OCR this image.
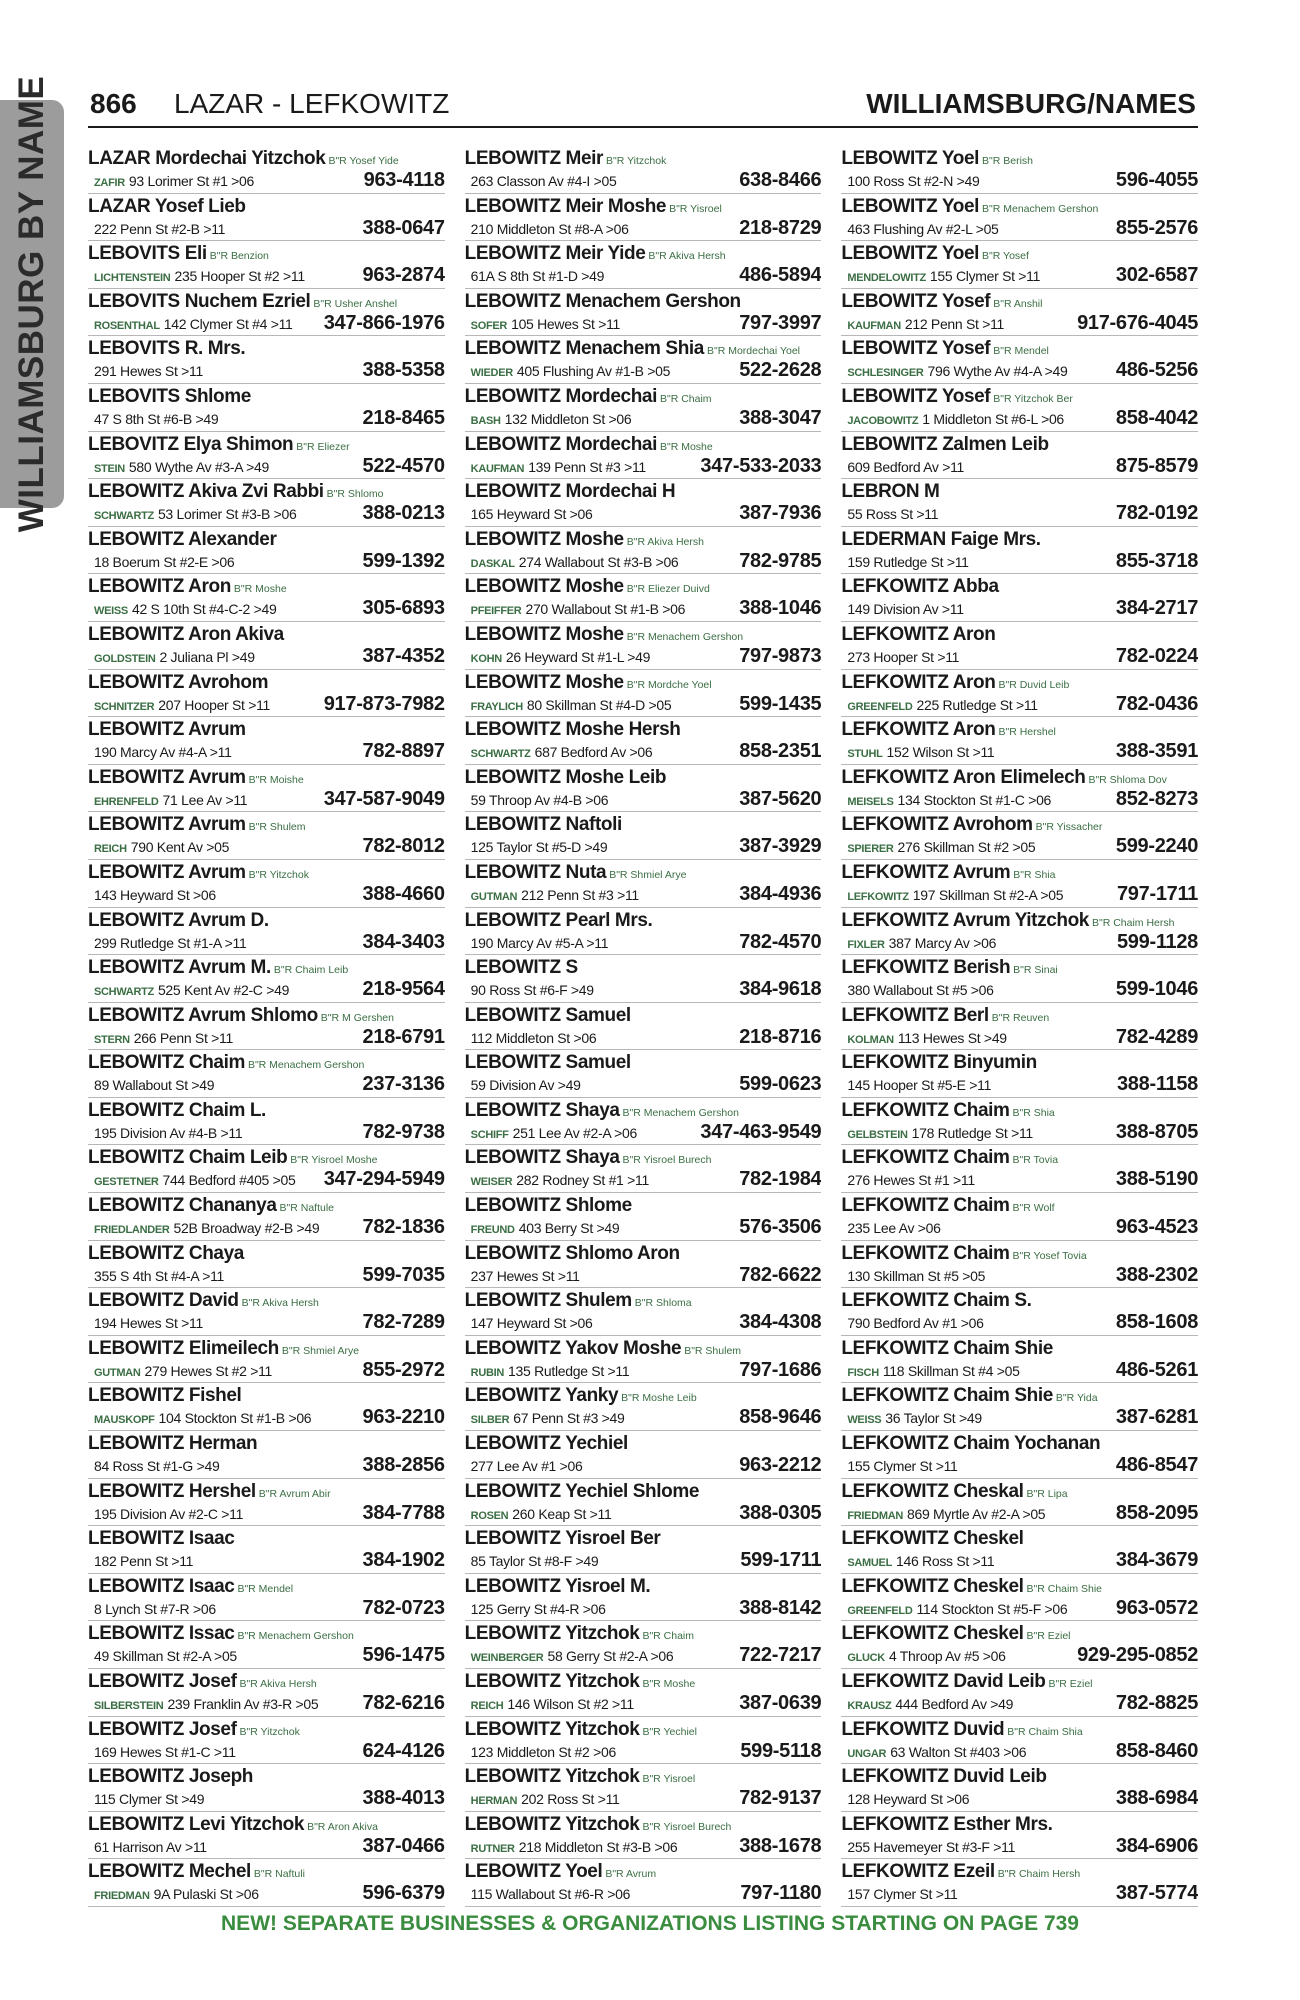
WILLIAMSBURG BY NAME 866 LAZAR - LEFKOWITZ	WILLIAMSBURG/NAMES
LAZAR Mordechai Yitzchok B"R Yosef Yide
ZAFIR 93 Lorimer St #1 >06	963-4118
LAZAR Yosef Lieb
222 Penn St #2-B >11	388-0647
LEBOVITS Eli B"R Benzion
LICHTENSTEIN 235 Hooper St #2 >11	963-2874
LEBOVITS Nuchem Ezriel B"R Usher Anshel
ROSENTHAL 142 Clymer St #4 >11	347-866-1976
LEBOVITS R. Mrs.
291 Hewes St >11	388-5358
LEBOVITS Shlome
47 S 8th St #6-B >49	218-8465
LEBOVITZ Elya Shimon B"R Eliezer
STEIN 580 Wythe Av #3-A >49	522-4570
LEBOWITZ Akiva Zvi Rabbi B"R Shlomo
SCHWARTZ 53 Lorimer St #3-B >06	388-0213
LEBOWITZ Alexander
18 Boerum St #2-E >06	599-1392
LEBOWITZ Aron B"R Moshe
WEISS 42 S 10th St #4-C-2 >49	305-6893
LEBOWITZ Aron Akiva
GOLDSTEIN 2 Juliana Pl >49	387-4352
LEBOWITZ Avrohom
SCHNITZER 207 Hooper St >11	917-873-7982
LEBOWITZ Avrum
190 Marcy Av #4-A >11	782-8897
LEBOWITZ Avrum B"R Moishe
EHRENFELD 71 Lee Av >11	347-587-9049
LEBOWITZ Avrum B"R Shulem
REICH 790 Kent Av >05	782-8012
LEBOWITZ Avrum B"R Yitzchok
143 Heyward St >06	388-4660
LEBOWITZ Avrum D.
299 Rutledge St #1-A >11	384-3403
LEBOWITZ Avrum M. B"R Chaim Leib
SCHWARTZ 525 Kent Av #2-C >49	218-9564
LEBOWITZ Avrum Shlomo B"R M Gershen
STERN 266 Penn St >11	218-6791
LEBOWITZ Chaim B"R Menachem Gershon
89 Wallabout St >49	237-3136
LEBOWITZ Chaim L.
195 Division Av #4-B >11	782-9738
LEBOWITZ Chaim Leib B"R Yisroel Moshe
GESTETNER 744 Bedford #405 >05	347-294-5949
LEBOWITZ Chananya B"R Naftule
FRIEDLANDER 52B Broadway #2-B >49	782-1836
LEBOWITZ Chaya
355 S 4th St #4-A >11	599-7035
LEBOWITZ David B"R Akiva Hersh
194 Hewes St >11	782-7289
LEBOWITZ Elimeilech B"R Shmiel Arye
GUTMAN 279 Hewes St #2 >11	855-2972
LEBOWITZ Fishel
MAUSKOPF 104 Stockton St #1-B >06	963-2210
LEBOWITZ Herman
84 Ross St #1-G >49	388-2856
LEBOWITZ Hershel B"R Avrum Abir
195 Division Av #2-C >11	384-7788
LEBOWITZ Isaac
182 Penn St >11	384-1902
LEBOWITZ Isaac B"R Mendel
8 Lynch St #7-R >06	782-0723
LEBOWITZ Issac B"R Menachem Gershon
49 Skillman St #2-A >05	596-1475
LEBOWITZ Josef B"R Akiva Hersh
SILBERSTEIN 239 Franklin Av #3-R >05	782-6216
LEBOWITZ Josef B"R Yitzchok
169 Hewes St #1-C >11	624-4126
LEBOWITZ Joseph
115 Clymer St >49	388-4013
LEBOWITZ Levi Yitzchok B"R Aron Akiva
61 Harrison Av >11	387-0466
LEBOWITZ Mechel B"R Naftuli
FRIEDMAN 9A Pulaski St >06	596-6379
LEBOWITZ Meir B"R Yitzchok
263 Classon Av #4-I >05	638-8466
LEBOWITZ Meir Moshe B"R Yisroel
210 Middleton St #8-A >06	218-8729
LEBOWITZ Meir Yide B"R Akiva Hersh
61A S 8th St #1-D >49	486-5894
LEBOWITZ Menachem Gershon
SOFER 105 Hewes St >11	797-3997
LEBOWITZ Menachem Shia B"R Mordechai Yoel
WIEDER 405 Flushing Av #1-B >05	522-2628
LEBOWITZ Mordechai B"R Chaim
BASH 132 Middleton St >06	388-3047
LEBOWITZ Mordechai B"R Moshe
KAUFMAN 139 Penn St #3 >11	347-533-2033
LEBOWITZ Mordechai H
165 Heyward St >06	387-7936
LEBOWITZ Moshe B"R Akiva Hersh
DASKAL 274 Wallabout St #3-B >06	782-9785
LEBOWITZ Moshe B"R Eliezer Duivd
PFEIFFER 270 Wallabout St #1-B >06	388-1046
LEBOWITZ Moshe B"R Menachem Gershon
KOHN 26 Heyward St #1-L >49	797-9873
LEBOWITZ Moshe B"R Mordche Yoel
FRAYLICH 80 Skillman St #4-D >05	599-1435
LEBOWITZ Moshe Hersh
SCHWARTZ 687 Bedford Av >06	858-2351
LEBOWITZ Moshe Leib
59 Throop Av #4-B >06	387-5620
LEBOWITZ Naftoli
125 Taylor St #5-D >49	387-3929
LEBOWITZ Nuta B"R Shmiel Arye
GUTMAN 212 Penn St #3 >11	384-4936
LEBOWITZ Pearl Mrs.
190 Marcy Av #5-A >11	782-4570
LEBOWITZ S
90 Ross St #6-F >49	384-9618
LEBOWITZ Samuel
112 Middleton St >06	218-8716
LEBOWITZ Samuel
59 Division Av >49	599-0623
LEBOWITZ Shaya B"R Menachem Gershon
SCHIFF 251 Lee Av #2-A >06	347-463-9549
LEBOWITZ Shaya B"R Yisroel Burech
WEISER 282 Rodney St #1 >11	782-1984
LEBOWITZ Shlome
FREUND 403 Berry St >49	576-3506
LEBOWITZ Shlomo Aron
237 Hewes St >11	782-6622
LEBOWITZ Shulem B"R Shloma
147 Heyward St >06	384-4308
LEBOWITZ Yakov Moshe B"R Shulem
RUBIN 135 Rutledge St >11	797-1686
LEBOWITZ Yanky B"R Moshe Leib
SILBER 67 Penn St #3 >49	858-9646
LEBOWITZ Yechiel
277 Lee Av #1 >06	963-2212
LEBOWITZ Yechiel Shlome
ROSEN 260 Keap St >11	388-0305
LEBOWITZ Yisroel Ber
85 Taylor St #8-F >49	599-1711
LEBOWITZ Yisroel M.
125 Gerry St #4-R >06	388-8142
LEBOWITZ Yitzchok B"R Chaim
WEINBERGER 58 Gerry St #2-A >06	722-7217
LEBOWITZ Yitzchok B"R Moshe
REICH 146 Wilson St #2 >11	387-0639
LEBOWITZ Yitzchok B"R Yechiel
123 Middleton St #2 >06	599-5118
LEBOWITZ Yitzchok B"R Yisroel
HERMAN 202 Ross St >11	782-9137
LEBOWITZ Yitzchok B"R Yisroel Burech
RUTNER 218 Middleton St #3-B >06	388-1678
LEBOWITZ Yoel B"R Avrum
115 Wallabout St #6-R >06	797-1180
LEBOWITZ Yoel B"R Berish
100 Ross St #2-N >49	596-4055
LEBOWITZ Yoel B"R Menachem Gershon
463 Flushing Av #2-L >05	855-2576
LEBOWITZ Yoel B"R Yosef
MENDELOWITZ 155 Clymer St >11	302-6587
LEBOWITZ Yosef B"R Anshil
KAUFMAN 212 Penn St >11	917-676-4045
LEBOWITZ Yosef B"R Mendel
SCHLESINGER 796 Wythe Av #4-A >49	486-5256
LEBOWITZ Yosef B"R Yitzchok Ber
JACOBOWITZ 1 Middleton St #6-L >06	858-4042
LEBOWITZ Zalmen Leib
609 Bedford Av >11	875-8579
LEBRON M
55 Ross St >11	782-0192
LEDERMAN Faige Mrs.
159 Rutledge St >11	855-3718
LEFKOWITZ Abba
149 Division Av >11	384-2717
LEFKOWITZ Aron
273 Hooper St >11	782-0224
LEFKOWITZ Aron B"R Duvid Leib
GREENFELD 225 Rutledge St >11	782-0436
LEFKOWITZ Aron B"R Hershel
STUHL 152 Wilson St >11	388-3591
LEFKOWITZ Aron Elimelech B"R Shloma Dov
MEISELS 134 Stockton St #1-C >06	852-8273
LEFKOWITZ Avrohom B"R Yissacher
SPIERER 276 Skillman St #2 >05	599-2240
LEFKOWITZ Avrum B"R Shia
LEFKOWITZ 197 Skillman St #2-A >05	797-1711
LEFKOWITZ Avrum Yitzchok B"R Chaim Hersh
FIXLER 387 Marcy Av >06	599-1128
LEFKOWITZ Berish B"R Sinai
380 Wallabout St #5 >06	599-1046
LEFKOWITZ Berl B"R Reuven
KOLMAN 113 Hewes St >49	782-4289
LEFKOWITZ Binyumin
145 Hooper St #5-E >11	388-1158
LEFKOWITZ Chaim B"R Shia
GELBSTEIN 178 Rutledge St >11	388-8705
LEFKOWITZ Chaim B"R Tovia
276 Hewes St #1 >11	388-5190
LEFKOWITZ Chaim B"R Wolf
235 Lee Av >06	963-4523
LEFKOWITZ Chaim B"R Yosef Tovia
130 Skillman St #5 >05	388-2302
LEFKOWITZ Chaim S.
790 Bedford Av #1 >06	858-1608
LEFKOWITZ Chaim Shie
FISCH 118 Skillman St #4 >05	486-5261
LEFKOWITZ Chaim Shie B"R Yida
WEISS 36 Taylor St >49	387-6281
LEFKOWITZ Chaim Yochanan
155 Clymer St >11	486-8547
LEFKOWITZ Cheskal B"R Lipa
FRIEDMAN 869 Myrtle Av #2-A >05	858-2095
LEFKOWITZ Cheskel
SAMUEL 146 Ross St >11	384-3679
LEFKOWITZ Cheskel B"R Chaim Shie
GREENFELD 114 Stockton St #5-F >06	963-0572
LEFKOWITZ Cheskel B"R Eziel
GLUCK 4 Throop Av #5 >06	929-295-0852
LEFKOWITZ David Leib B"R Eziel
KRAUSZ 444 Bedford Av >49	782-8825
LEFKOWITZ Duvid B"R Chaim Shia
UNGAR 63 Walton St #403 >06	858-8460
LEFKOWITZ Duvid Leib
128 Heyward St >06	388-6984
LEFKOWITZ Esther Mrs.
255 Havemeyer St #3-F >11	384-6906
LEFKOWITZ Ezeil B"R Chaim Hersh
157 Clymer St >11	387-5774
NEW! SEPARATE BUSINESSES & ORGANIZATIONS LISTING STARTING ON PAGE 739
